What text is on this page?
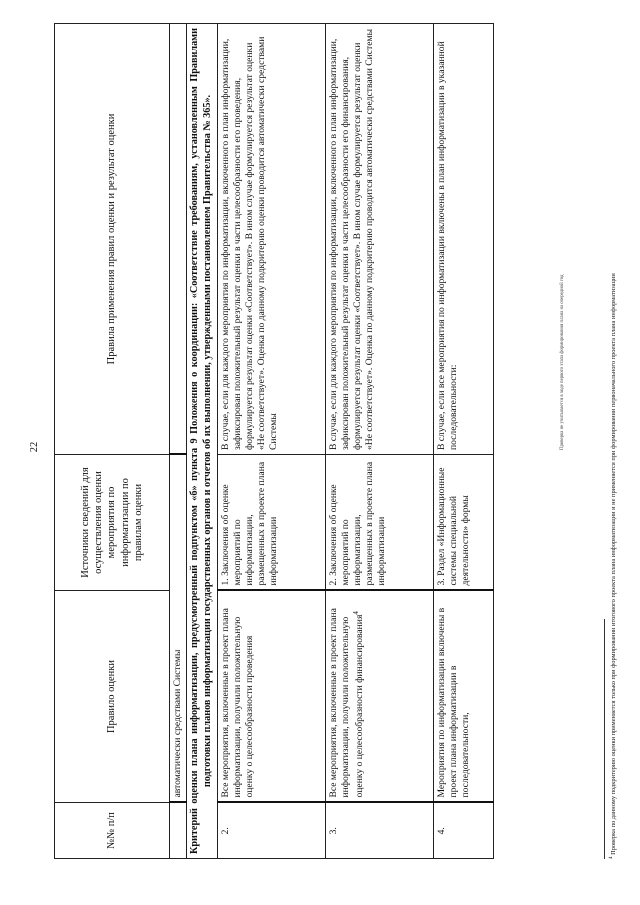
22
№№ п/п	Правило оценки	Источники сведений для осуществления оценки мероприятия по информатизации по правилам оценки	Правила применения правил оценки и результат оценки
	автоматически средствами Системы		
Критерий оценки плана информатизации, предусмотренный подпунктом «б» пункта 9 Положения о координации: «Соответствие требованиям, установленным Правилами подготовки планов информатизации государственных органов и отчетов об их выполнении, утвержденными постановлением Правительства № 365».			
2.	Все мероприятия, включенные в проект плана информатизации, получили положительную оценку о целесообразности проведения	1. Заключения об оценке мероприятий по информатизации, размещенных в проекте плана информатизации	В случае, если для каждого мероприятия по информатизации, включенного в план информатизации, зафиксирован положительный результат оценки в части целесообразности его проведения, формулируется результат оценки «Соответствует». В ином случае формулируется результат оценки «Не соответствует». Оценка по данному подкритерию оценки проводится автоматически средствами Системы
3.	Все мероприятия, включенные в проект плана информатизации, получили положительную оценку о целесообразности финансирования$^4$	2. Заключения об оценке мероприятий по информатизации, размещенных в проекте плана информатизации	В случае, если для каждого мероприятия по информатизации, включенного в план информатизации, зафиксирован положительный результат оценки в части целесообразности его финансирования, формулируется результат оценки «Соответствует». В ином случае формулируется результат оценки «Не соответствует». Оценка по данному подкритерию проводится автоматически средствами Системы
4.	Мероприятия по информатизации включены в проект плана информатизации в последовательности,	3. Раздел «Информационные системы специальной деятельности» формы	В случае, если все мероприятия по информатизации включены в план информатизации в указанной последовательности:
$^4$ Проверка по данному подкритерию оценки применяется только при формировании итогового проекта плана информатизации и не применяется при формировании первоначального проекта плана информатизации
Проверка не учитывается в ходе первого этапа формирования плана на очередной год
